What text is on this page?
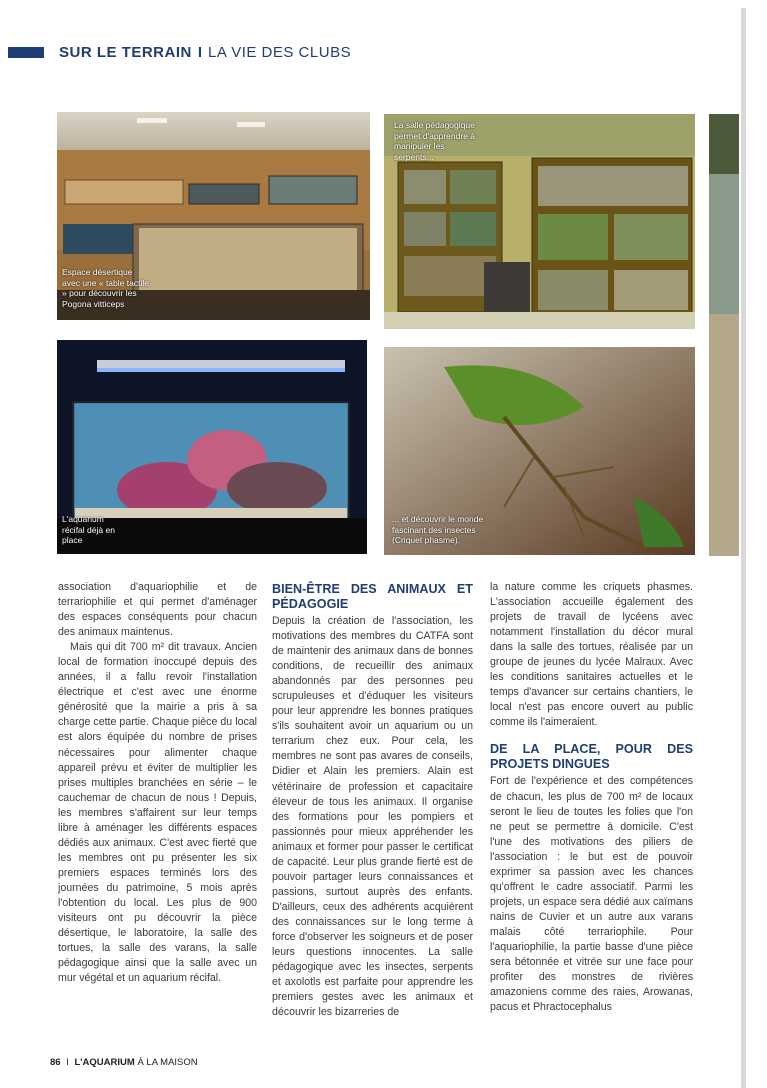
SUR LE TERRAIN I LA VIE DES CLUBS
Espace désertique avec une « table tactile » pour découvrir les Pogona vitticeps
La salle pédagogique permet d'apprendre à manipuler les serpents...
L'aquarium récifal déjà en place
... et découvrir le monde fascinant des insectes (Criquet phasme).

association d'aquariophilie et de terrariophilie et qui permet d'aménager des espaces conséquents pour chacun des animaux maintenus.

Mais qui dit 700 m² dit travaux. Ancien local de formation inoccupé depuis des années, il a fallu revoir l'installation électrique et c'est avec une énorme générosité que la mairie a pris à sa charge cette partie. Chaque pièce du local est alors équipée du nombre de prises nécessaires pour alimenter chaque appareil prévu et éviter de multiplier les prises multiples branchées en série – le cauchemar de chacun de nous ! Depuis, les membres s'affairent sur leur temps libre à aménager les différents espaces dédiés aux animaux. C'est avec fierté que les membres ont pu présenter les six premiers espaces terminés lors des journées du patrimoine, 5 mois après l'obtention du local. Les plus de 900 visiteurs ont pu découvrir la pièce désertique, le laboratoire, la salle des tortues, la salle des varans, la salle pédagogique ainsi que la salle avec un mur végétal et un aquarium récifal.

BIEN-ÊTRE DES ANIMAUX ET PÉDAGOGIE

Depuis la création de l'association, les motivations des membres du CATFA sont de maintenir des animaux dans de bonnes conditions, de recueillir des animaux abandonnés par des personnes peu scrupuleuses et d'éduquer les visiteurs pour leur apprendre les bonnes pratiques s'ils souhaitent avoir un aquarium ou un terrarium chez eux. Pour cela, les membres ne sont pas avares de conseils, Didier et Alain les premiers. Alain est vétérinaire de profession et capacitaire éleveur de tous les animaux. Il organise des formations pour les pompiers et passionnés pour mieux appréhender les animaux et former pour passer le certificat de capacité. Leur plus grande fierté est de pouvoir partager leurs connaissances et passions, surtout auprès des enfants. D'ailleurs, ceux des adhérents acquièrent des connaissances sur le long terme à force d'observer les soigneurs et de poser leurs questions innocentes. La salle pédagogique avec les insectes, serpents et axolotls est parfaite pour apprendre les premiers gestes avec les animaux et découvrir les bizarreries de

la nature comme les criquets phasmes. L'association accueille également des projets de travail de lycéens avec notamment l'installation du décor mural dans la salle des tortues, réalisée par un groupe de jeunes du lycée Malraux. Avec les conditions sanitaires actuelles et le temps d'avancer sur certains chantiers, le local n'est pas encore ouvert au public comme ils l'aimeraient.

DE LA PLACE, POUR DES PROJETS DINGUES

Fort de l'expérience et des compétences de chacun, les plus de 700 m² de locaux seront le lieu de toutes les folies que l'on ne peut se permettre à domicile. C'est l'une des motivations des piliers de l'association : le but est de pouvoir exprimer sa passion avec les chances qu'offrent le cadre associatif. Parmi les projets, un espace sera dédié aux caïmans nains de Cuvier et un autre aux varans malais côté terrariophile. Pour l'aquariophilie, la partie basse d'une pièce sera bétonnée et vitrée sur une face pour profiter des monstres de rivières amazoniens comme des raies, Arowanas, pacus et Phractocephalus

86 I L'AQUARIUM À LA MAISON
